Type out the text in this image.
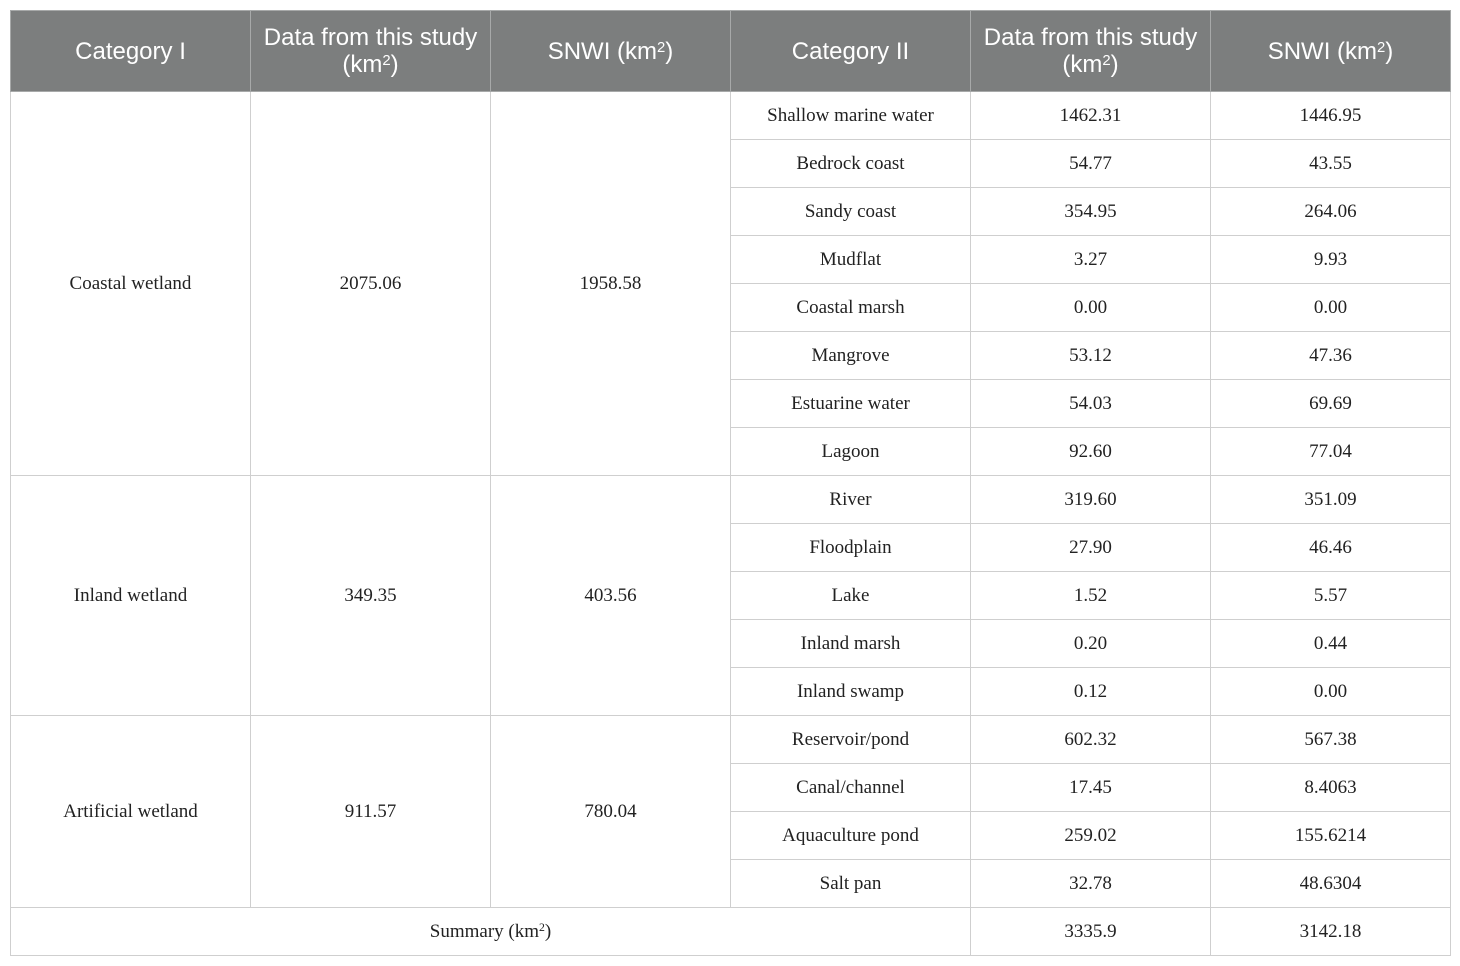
Category I	Data from this study $(km^2)$	SNWI $(km^2)$	Category II	Data from this study $(km^2)$	SNWI $(km^2)$
Coastal wetland	2075.06	1958.58	Shallow marine water	1462.31	1446.95
			Bedrock coast	54.77	43.55
			Sandy coast	354.95	264.06
			Mudflat	3.27	9.93
			Coastal marsh	0.00	0.00
			Mangrove	53.12	47.36
			Estuarine water	54.03	69.69
			Lagoon	92.60	77.04
Inland wetland	349.35	403.56	River	319.60	351.09
			Floodplain	27.90	46.46
			Lake	1.52	5.57
			Inland marsh	0.20	0.44
			Inland swamp	0.12	0.00
Artificial wetland	911.57	780.04	Reservoir/pond	602.32	567.38
			Canal/channel	17.45	8.4063
			Aquaculture pond	259.02	155.6214
			Salt pan	32.78	48.6304
Summary $(km^2)$				3335.9	3142.18
